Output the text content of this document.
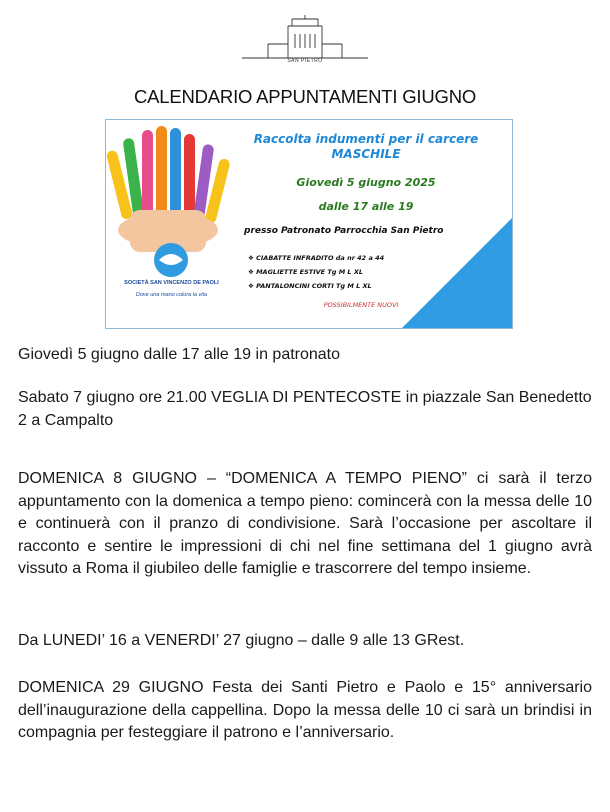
SAN PIETRO
CALENDARIO APPUNTAMENTI GIUGNO
SOCIETÀ SAN VINCENZO DE PAOLI
Dove una mano colora la vita
Raccolta indumenti per il carcere
MASCHILE
Giovedì 5 giugno 2025
dalle 17 alle 19
presso Patronato Parrocchia San Pietro
❖ CIABATTE INFRADITO da nr 42 a 44
❖ MAGLIETTE ESTIVE Tg M L XL
❖ PANTALONCINI CORTI Tg M L XL
POSSIBILMENTE NUOVI
Giovedì 5 giugno dalle 17 alle 19 in patronato
Sabato 7 giugno ore 21.00 VEGLIA DI PENTECOSTE in piazzale San Benedetto 2 a Campalto
DOMENICA 8 GIUGNO – “DOMENICA A TEMPO PIENO” ci sarà il terzo appuntamento con la domenica a tempo pieno: comincerà con la messa delle 10 e continuerà con il pranzo di condivisione. Sarà l’occasione per ascoltare il racconto e sentire le impressioni di chi nel fine settimana del 1 giugno avrà vissuto a Roma il giubileo delle famiglie e trascorrere del tempo insieme.
Da LUNEDI’ 16 a VENERDI’ 27 giugno – dalle 9 alle 13 GRest.
DOMENICA 29 GIUGNO Festa dei Santi Pietro e Paolo e 15° anniversario dell’inaugurazione della cappellina. Dopo la messa delle 10 ci sarà un brindisi in compagnia per festeggiare il patrono e l’anniversario.
